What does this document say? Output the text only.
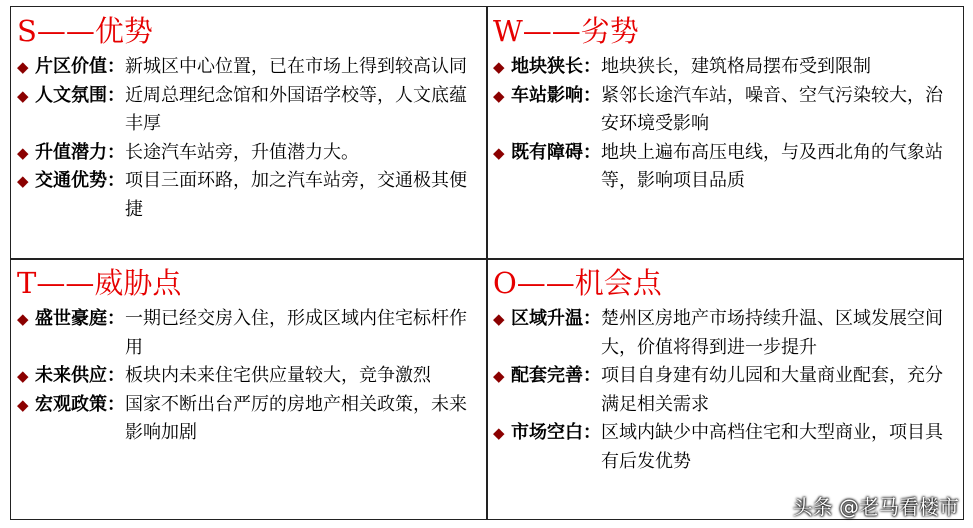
S——优势
◆ 片区价值： 新城区中心位置，已在市场上得到较高认同
◆ 人文氛围： 近周总理纪念馆和外国语学校等，人文底蕴丰厚
◆ 升值潜力： 长途汽车站旁，升值潜力大。
◆ 交通优势： 项目三面环路，加之汽车站旁，交通极其便捷
W——劣势
◆ 地块狭长： 地块狭长，建筑格局摆布受到限制
◆ 车站影响： 紧邻长途汽车站，噪音、空气污染较大，治安环境受影响
◆ 既有障碍： 地块上遍布高压电线，与及西北角的气象站等，影响项目品质
T——威胁点
◆ 盛世豪庭： 一期已经交房入住，形成区域内住宅标杆作用
◆ 未来供应： 板块内未来住宅供应量较大，竞争激烈
◆ 宏观政策： 国家不断出台严厉的房地产相关政策，未来影响加剧
O——机会点
◆ 区域升温： 楚州区房地产市场持续升温、区域发展空间大，价值将得到进一步提升
◆ 配套完善： 项目自身建有幼儿园和大量商业配套，充分满足相关需求
◆ 市场空白： 区域内缺少中高档住宅和大型商业，项目具有后发优势
头条 @老马看楼市
